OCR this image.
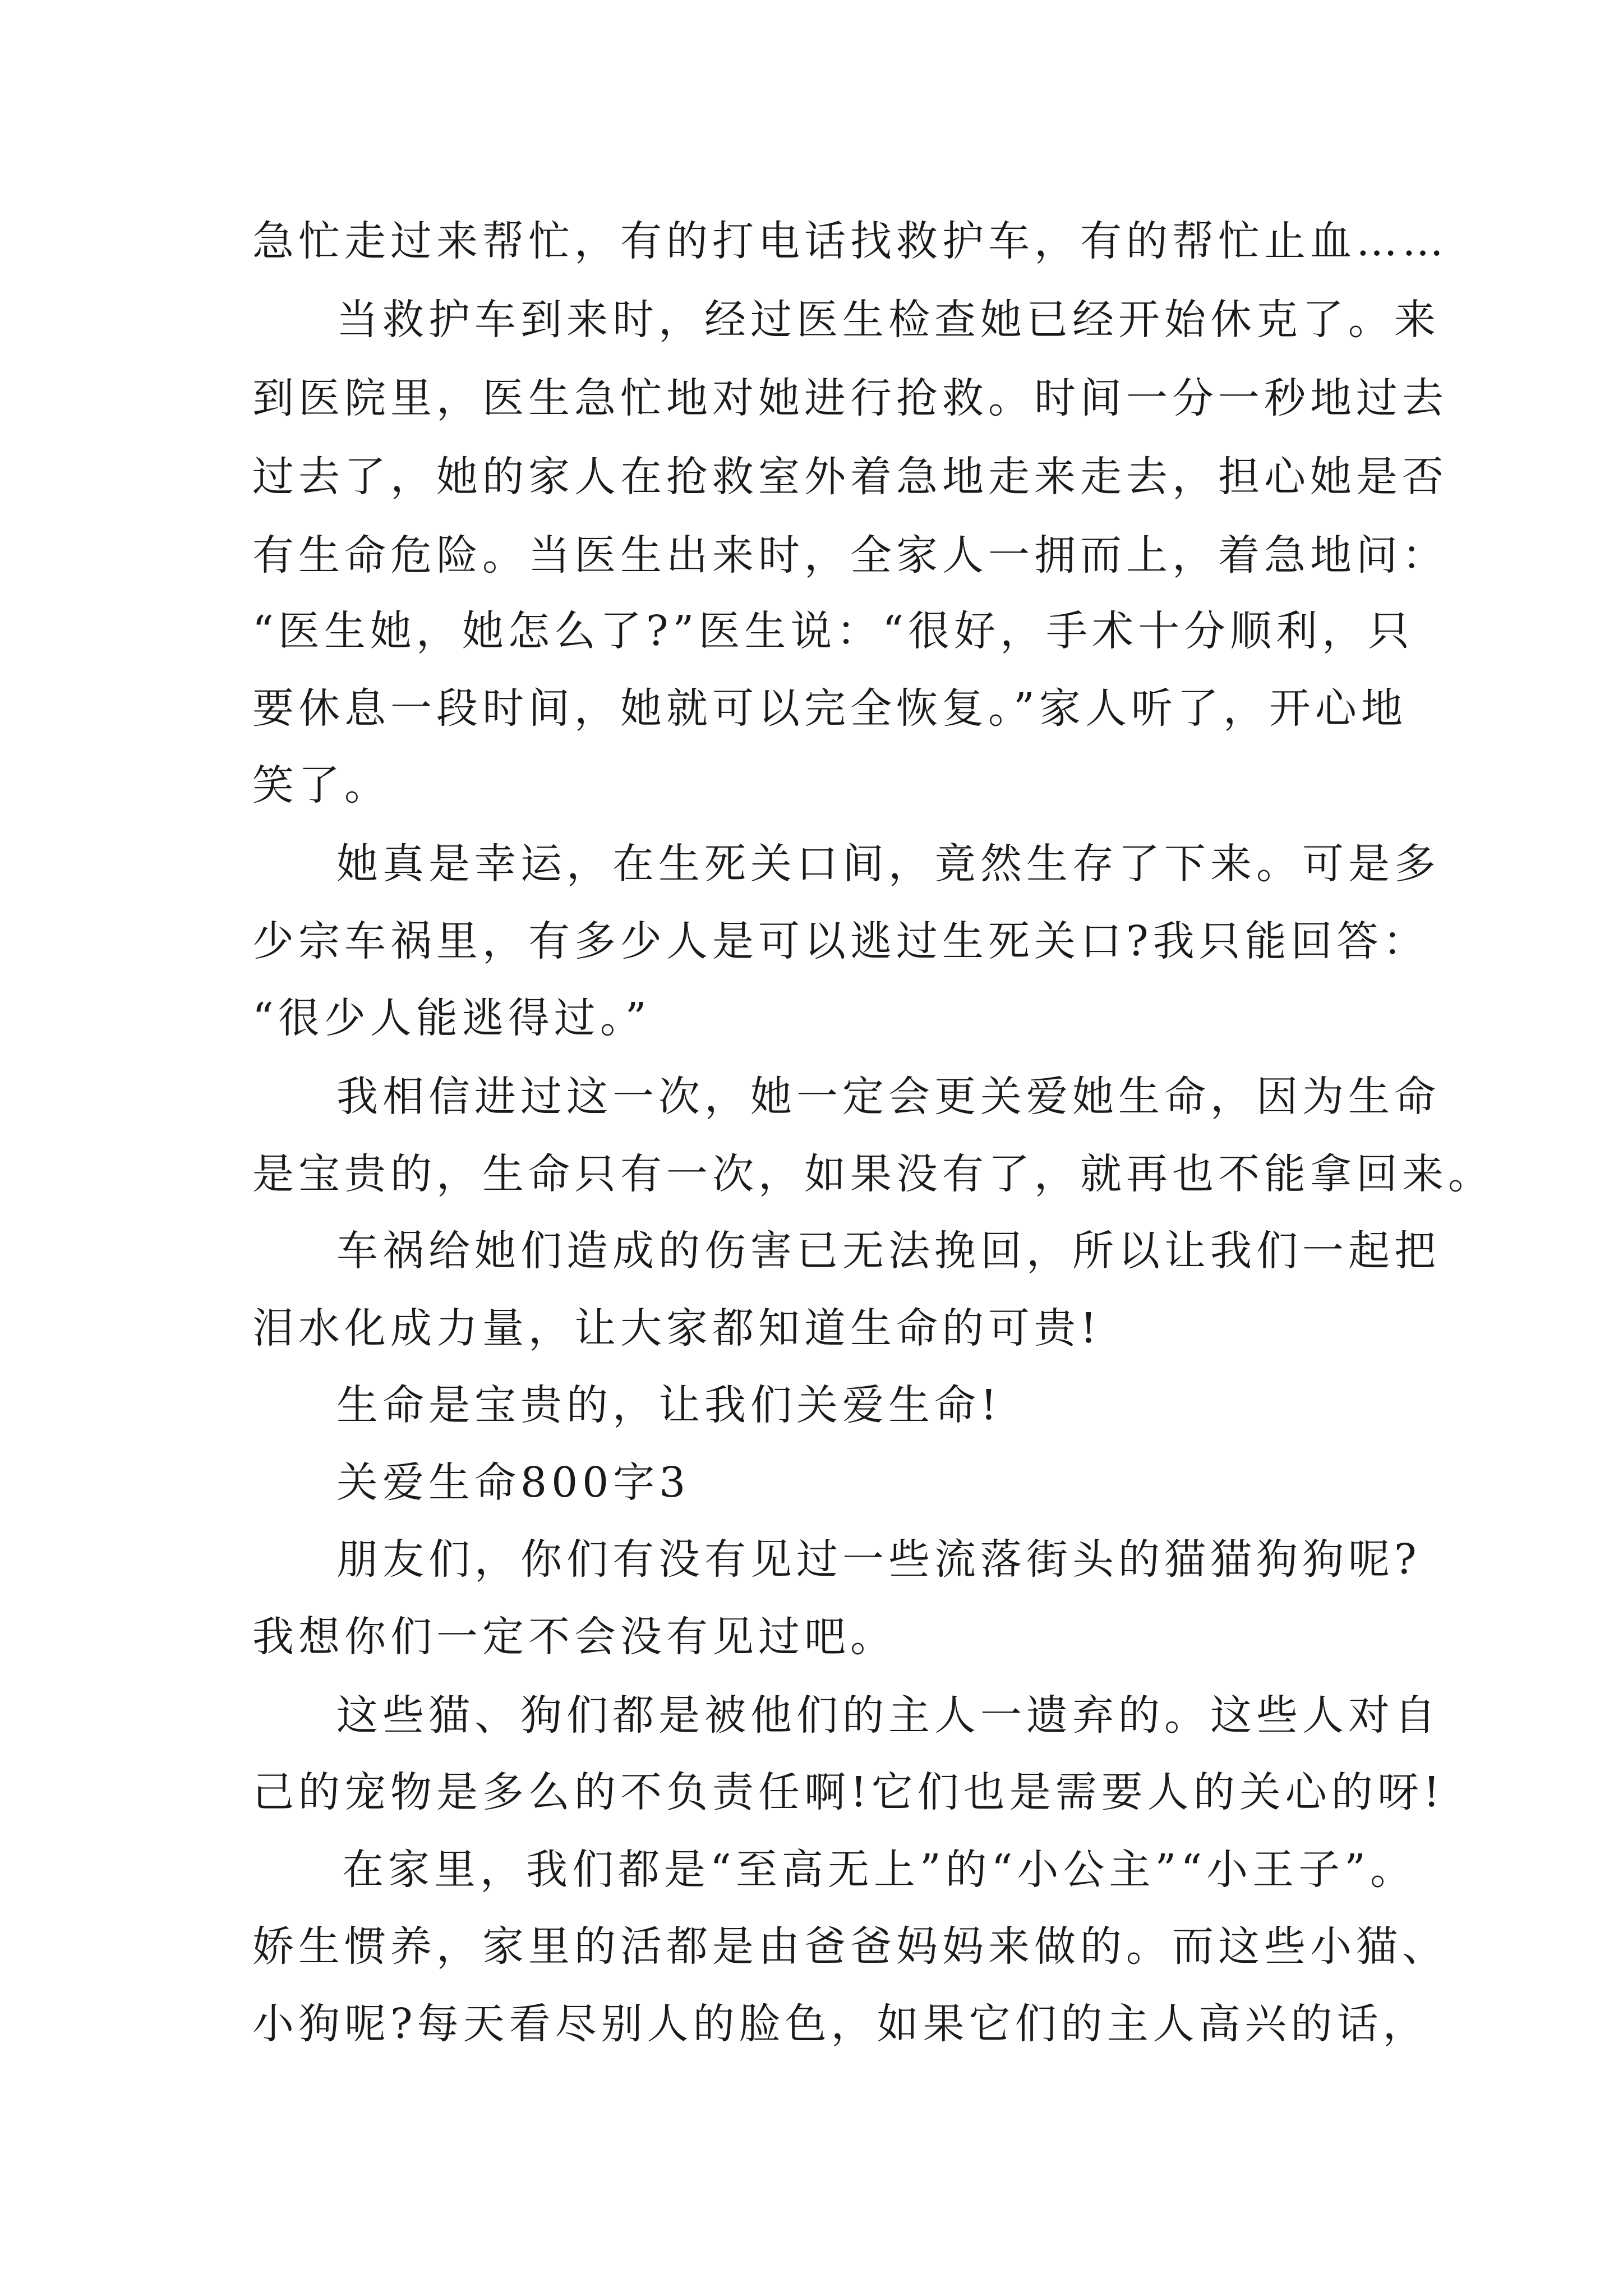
急忙走过来帮忙，有的打电话找救护车，有的帮忙止血……
当救护车到来时，经过医生检查她已经开始休克了。来
到医院里，医生急忙地对她进行抢救。时间一分一秒地过去
过去了，她的家人在抢救室外着急地走来走去，担心她是否
有生命危险。当医生出来时，全家人一拥而上，着急地问：
“医生她，她怎么了?”医生说：“很好，手术十分顺利，只
要休息一段时间，她就可以完全恢复。”家人听了，开心地
笑了。
她真是幸运，在生死关口间，竟然生存了下来。可是多
少宗车祸里，有多少人是可以逃过生死关口?我只能回答：
“很少人能逃得过。”
我相信进过这一次，她一定会更关爱她生命，因为生命
是宝贵的，生命只有一次，如果没有了，就再也不能拿回来。
车祸给她们造成的伤害已无法挽回，所以让我们一起把
泪水化成力量，让大家都知道生命的可贵!
生命是宝贵的，让我们关爱生命!
关爱生命800字3
朋友们，你们有没有见过一些流落街头的猫猫狗狗呢?
我想你们一定不会没有见过吧。
这些猫、狗们都是被他们的主人一遗弃的。这些人对自
己的宠物是多么的不负责任啊!它们也是需要人的关心的呀!
在家里，我们都是“至高无上”的“小公主”“小王子”。
娇生惯养，家里的活都是由爸爸妈妈来做的。而这些小猫、
小狗呢?每天看尽别人的脸色，如果它们的主人高兴的话，
